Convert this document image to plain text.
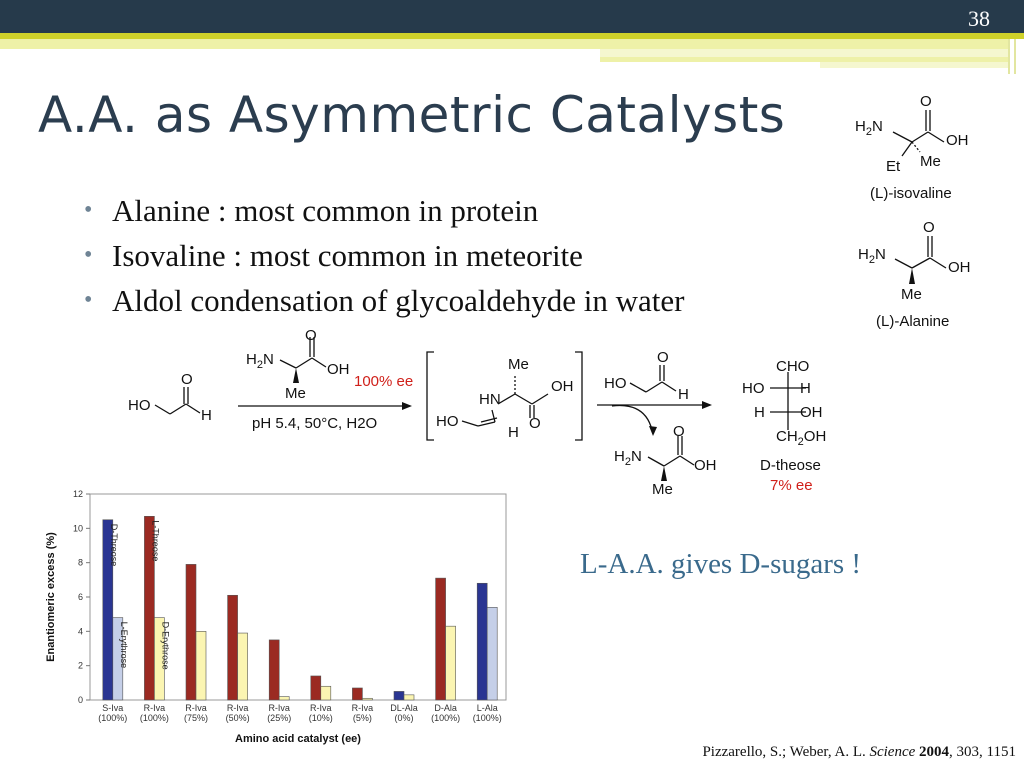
38
A.A. as Asymmetric Catalysts
• Alanine : most common in protein
• Isovaline : most common in meteorite
• Aldol condensation of glycoaldehyde in water
O
$H_2N$
OH
Et Me
(L)-isovaline
O
$H_2N$
OH
Me
(L)-Alanine
O
HO
H
O
$H_2N$
OH
Me
100% ee
pH 5.4, 50°C, H2O
Me
OH
HN
O
HO
H
O
HO
H
O
$H_2N$
OH
Me
CHO
HO H
H OH
$CH_2OH$
D-theose
7% ee
0
2
4
6
8
10
12
S-Iva
(100%)
R-Iva
(100%)
R-Iva
(75%)
R-Iva
(50%)
R-Iva
(25%)
R-Iva
(10%)
R-Iva
(5%)
DL-Ala
(0%)
D-Ala
(100%)
L-Ala
(100%)
D-Threose
L-Erythrose
L-Threose
D-Erythrose
Enantiomeric excess (%)
Amino acid catalyst (ee)

L-A.A. gives D-sugars !

Pizzarello, S.; Weber, A. L. Science 2004, 303, 1151
